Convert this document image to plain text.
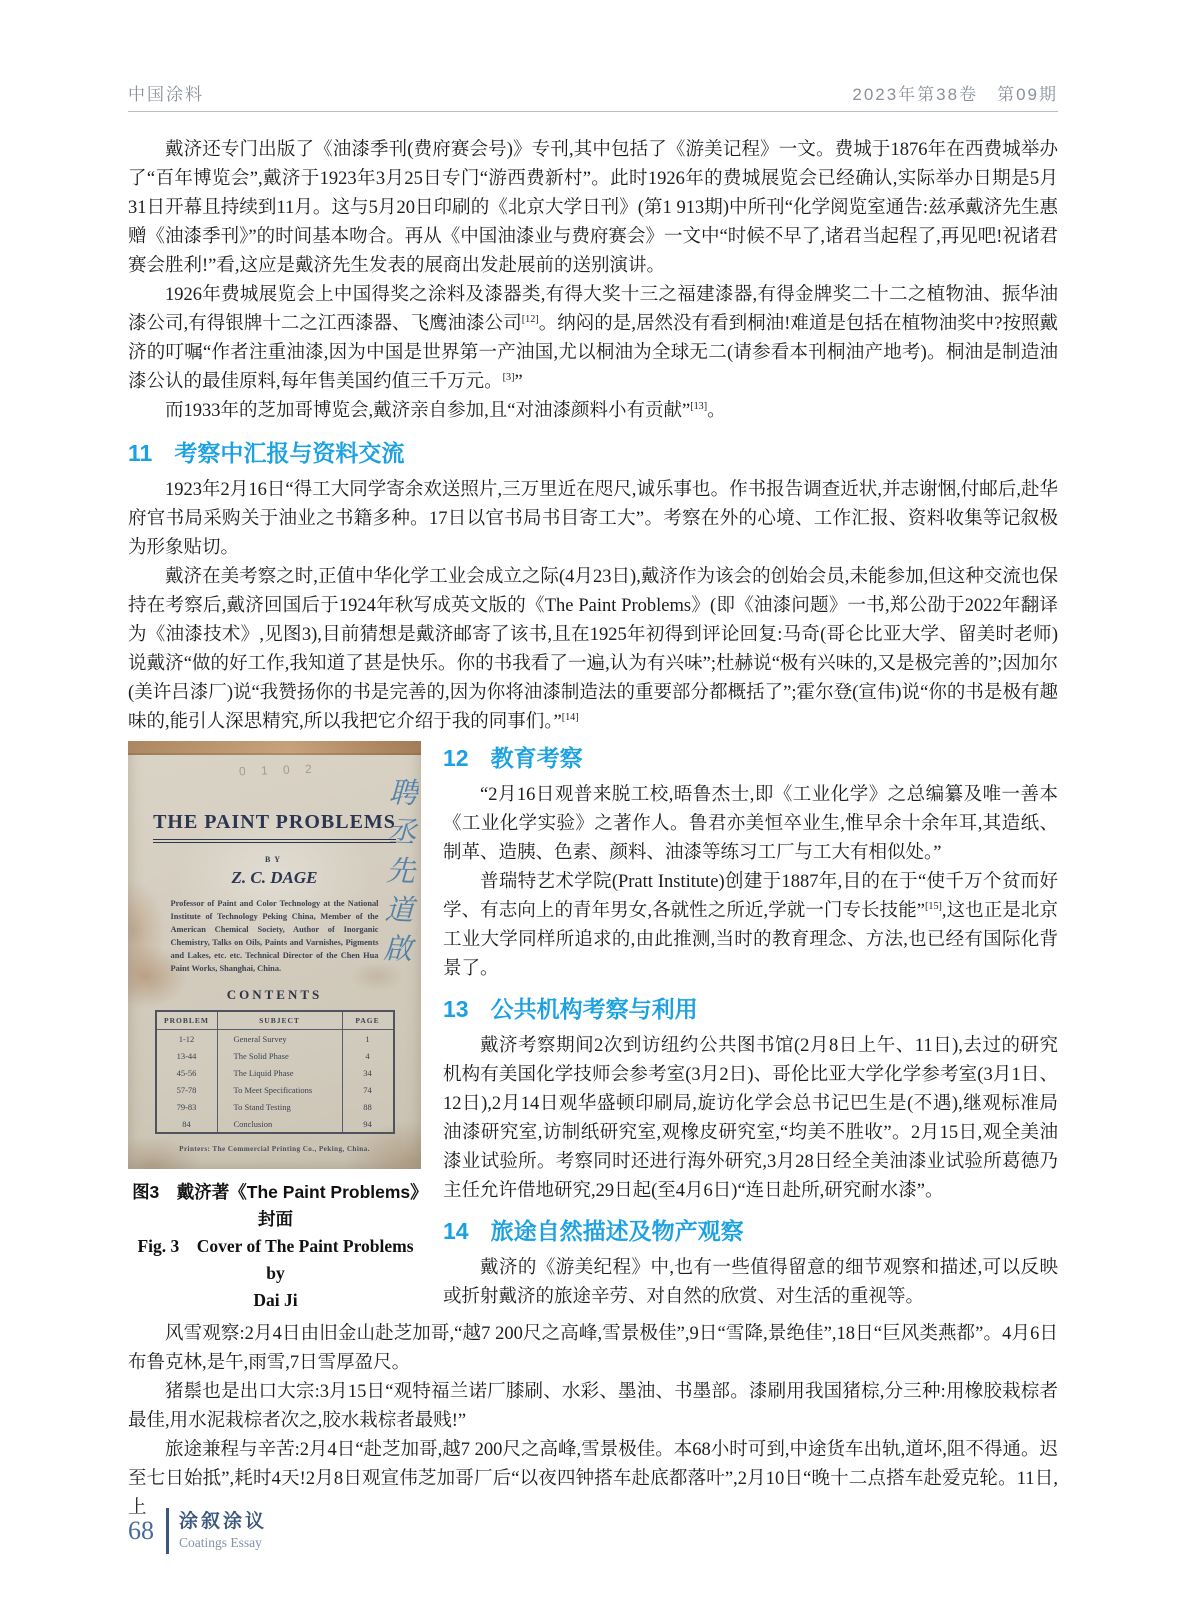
中国涂料	2023年第38卷　第09期

戴济还专门出版了《油漆季刊(费府赛会号)》专刊,其中包括了《游美记程》一文。费城于1876年在西费城举办了“百年博览会”,戴济于1923年3月25日专门“游西费新村”。此时1926年的费城展览会已经确认,实际举办日期是5月31日开幕且持续到11月。这与5月20日印刷的《北京大学日刊》(第1 913期)中所刊“化学阅览室通告:兹承戴济先生惠赠《油漆季刊》”的时间基本吻合。再从《中国油漆业与费府赛会》一文中“时候不早了,诸君当起程了,再见吧!祝诸君赛会胜利!”看,这应是戴济先生发表的展商出发赴展前的送别演讲。

1926年费城展览会上中国得奖之涂料及漆器类,有得大奖十三之福建漆器,有得金牌奖二十二之植物油、振华油漆公司,有得银牌十二之江西漆器、飞鹰油漆公司[12]。纳闷的是,居然没有看到桐油!难道是包括在植物油奖中?按照戴济的叮嘱“作者注重油漆,因为中国是世界第一产油国,尤以桐油为全球无二(请参看本刊桐油产地考)。桐油是制造油漆公认的最佳原料,每年售美国约值三千万元。[3]”

而1933年的芝加哥博览会,戴济亲自参加,且“对油漆颜料小有贡献”[13]。

11 考察中汇报与资料交流

1923年2月16日“得工大同学寄余欢送照片,三万里近在咫尺,诚乐事也。作书报告调查近状,并志谢悃,付邮后,赴华府官书局采购关于油业之书籍多种。17日以官书局书目寄工大”。考察在外的心境、工作汇报、资料收集等记叙极为形象贴切。

戴济在美考察之时,正值中华化学工业会成立之际(4月23日),戴济作为该会的创始会员,未能参加,但这种交流也保持在考察后,戴济回国后于1924年秋写成英文版的《The Paint Problems》(即《油漆问题》一书,郑公劭于2022年翻译为《油漆技术》,见图3),目前猜想是戴济邮寄了该书,且在1925年初得到评论回复:马奇(哥仑比亚大学、留美时老师)说戴济“做的好工作,我知道了甚是快乐。你的书我看了一遍,认为有兴味”;杜赫说“极有兴味的,又是极完善的”;因加尔(美许吕漆厂)说“我赞扬你的书是完善的,因为你将油漆制造法的重要部分都概括了”;霍尔登(宣伟)说“你的书是极有趣味的,能引人深思精究,所以我把它介绍于我的同事们。”[14]

0 1 0 2
聘丞先道啟
THE PAINT PROBLEMS
BY
Z. C. DAGE
Professor of Paint and Color Technology at the National Institute of Technology Peking China, Member of the American Chemical Society, Author of Inorganic Chemistry, Talks on Oils, Paints and Varnishes, Pigments and Lakes, etc. etc. Technical Director of the Chen Hua Paint Works, Shanghai, China.
CONTENTS
PROBLEM	SUBJECT	PAGE
1-12	General Survey	1
13-44	The Solid Phase	4
45-56	The Liquid Phase	34
57-78	To Meet Specifications	74
79-83	To Stand Testing	88
84	Conclusion	94
Printers: The Commercial Printing Co., Peking, China.
图3　戴济著《The Paint Problems》封面
Fig. 3　Cover of The Paint Problems by
Dai Ji
12 教育考察

“2月16日观普来脱工校,晤鲁杰士,即《工业化学》之总编纂及唯一善本《工业化学实验》之著作人。鲁君亦美恒卒业生,惟早余十余年耳,其造纸、制革、造胰、色素、颜料、油漆等练习工厂与工大有相似处。”

普瑞特艺术学院(Pratt Institute)创建于1887年,目的在于“使千万个贫而好学、有志向上的青年男女,各就性之所近,学就一门专长技能”[15],这也正是北京工业大学同样所追求的,由此推测,当时的教育理念、方法,也已经有国际化背景了。

13 公共机构考察与利用

戴济考察期间2次到访纽约公共图书馆(2月8日上午、11日),去过的研究机构有美国化学技师会参考室(3月2日)、哥伦比亚大学化学参考室(3月1日、12日),2月14日观华盛顿印刷局,旋访化学会总书记巴生是(不遇),继观标准局油漆研究室,访制纸研究室,观橡皮研究室,“均美不胜收”。2月15日,观全美油漆业试验所。考察同时还进行海外研究,3月28日经全美油漆业试验所葛德乃主任允许借地研究,29日起(至4月6日)“连日赴所,研究耐水漆”。

14 旅途自然描述及物产观察

戴济的《游美纪程》中,也有一些值得留意的细节观察和描述,可以反映或折射戴济的旅途辛劳、对自然的欣赏、对生活的重视等。

风雪观察:2月4日由旧金山赴芝加哥,“越7 200尺之高峰,雪景极佳”,9日“雪降,景绝佳”,18日“巨风类燕都”。4月6日布鲁克林,是午,雨雪,7日雪厚盈尺。

猪鬃也是出口大宗:3月15日“观特福兰诺厂膝刷、水彩、墨油、书墨部。漆刷用我国猪棕,分三种:用橡胶栽棕者最佳,用水泥栽棕者次之,胶水栽棕者最贱!”

旅途兼程与辛苦:2月4日“赴芝加哥,越7 200尺之高峰,雪景极佳。本68小时可到,中途货车出轨,道坏,阻不得通。迟至七日始抵”,耗时4天!2月8日观宣伟芝加哥厂后“以夜四钟搭车赴底都落叶”,2月10日“晚十二点搭车赴爱克轮。11日,上

68 涂叙涂议
Coatings Essay
